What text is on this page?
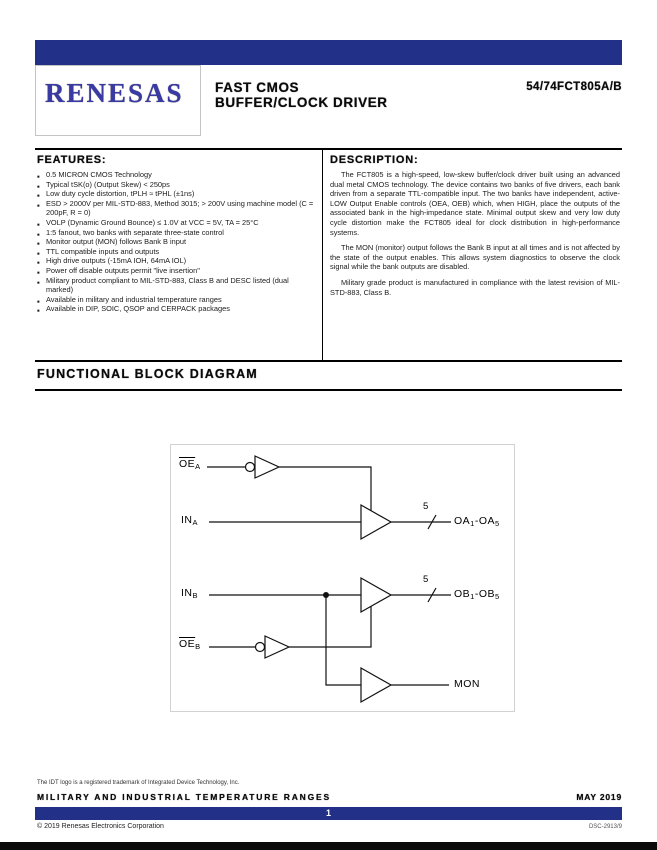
RENESAS FAST CMOS
BUFFER/CLOCK DRIVER
54/74FCT805A/B
FEATURES:
■ 0.5 MICRON CMOS Technology
■ Typical tSK(o) (Output Skew) < 250ps
■ Low duty cycle distortion, tPLH ≈ tPHL (±1ns)
■ ESD > 2000V per MIL-STD-883, Method 3015; > 200V using machine model (C = 200pF, R = 0)
■ VOLP (Dynamic Ground Bounce) ≤ 1.0V at VCC = 5V, TA = 25°C
■ 1:5 fanout, two banks with separate three-state control
■ Monitor output (MON) follows Bank B input
■ TTL compatible inputs and outputs
■ High drive outputs (-15mA IOH, 64mA IOL)
■ Power off disable outputs permit "live insertion"
■ Military product compliant to MIL-STD-883, Class B and DESC listed (dual marked)
■ Available in military and industrial temperature ranges
■ Available in DIP, SOIC, QSOP and CERPACK packages
DESCRIPTION:

The FCT805 is a high-speed, low-skew buffer/clock driver built using an advanced dual metal CMOS technology. The device contains two banks of five drivers, each bank driven from a separate TTL-compatible input. The two banks have independent, active-LOW Output Enable controls (OEA, OEB) which, when HIGH, place the outputs of the associated bank in the high-impedance state. Minimal output skew and very low duty cycle distortion make the FCT805 ideal for clock distribution in high-performance systems.

The MON (monitor) output follows the Bank B input at all times and is not affected by the state of the output enables. This allows system diagnostics to observe the clock signal while the bank outputs are disabled.

Military grade product is manufactured in compliance with the latest revision of MIL-STD-883, Class B.

FUNCTIONAL BLOCK DIAGRAM
$\overline{OE}_A$
$IN_A$
$IN_B$
$\overline{OE}_B$
5
5
$OA_1-OA_5$
$OB_1-OB_5$
MON
The IDT logo is a registered trademark of Integrated Device Technology, Inc.
MILITARY AND INDUSTRIAL TEMPERATURE RANGES	MAY 2019
1
© 2019 Renesas Electronics Corporation	DSC-2913/9
